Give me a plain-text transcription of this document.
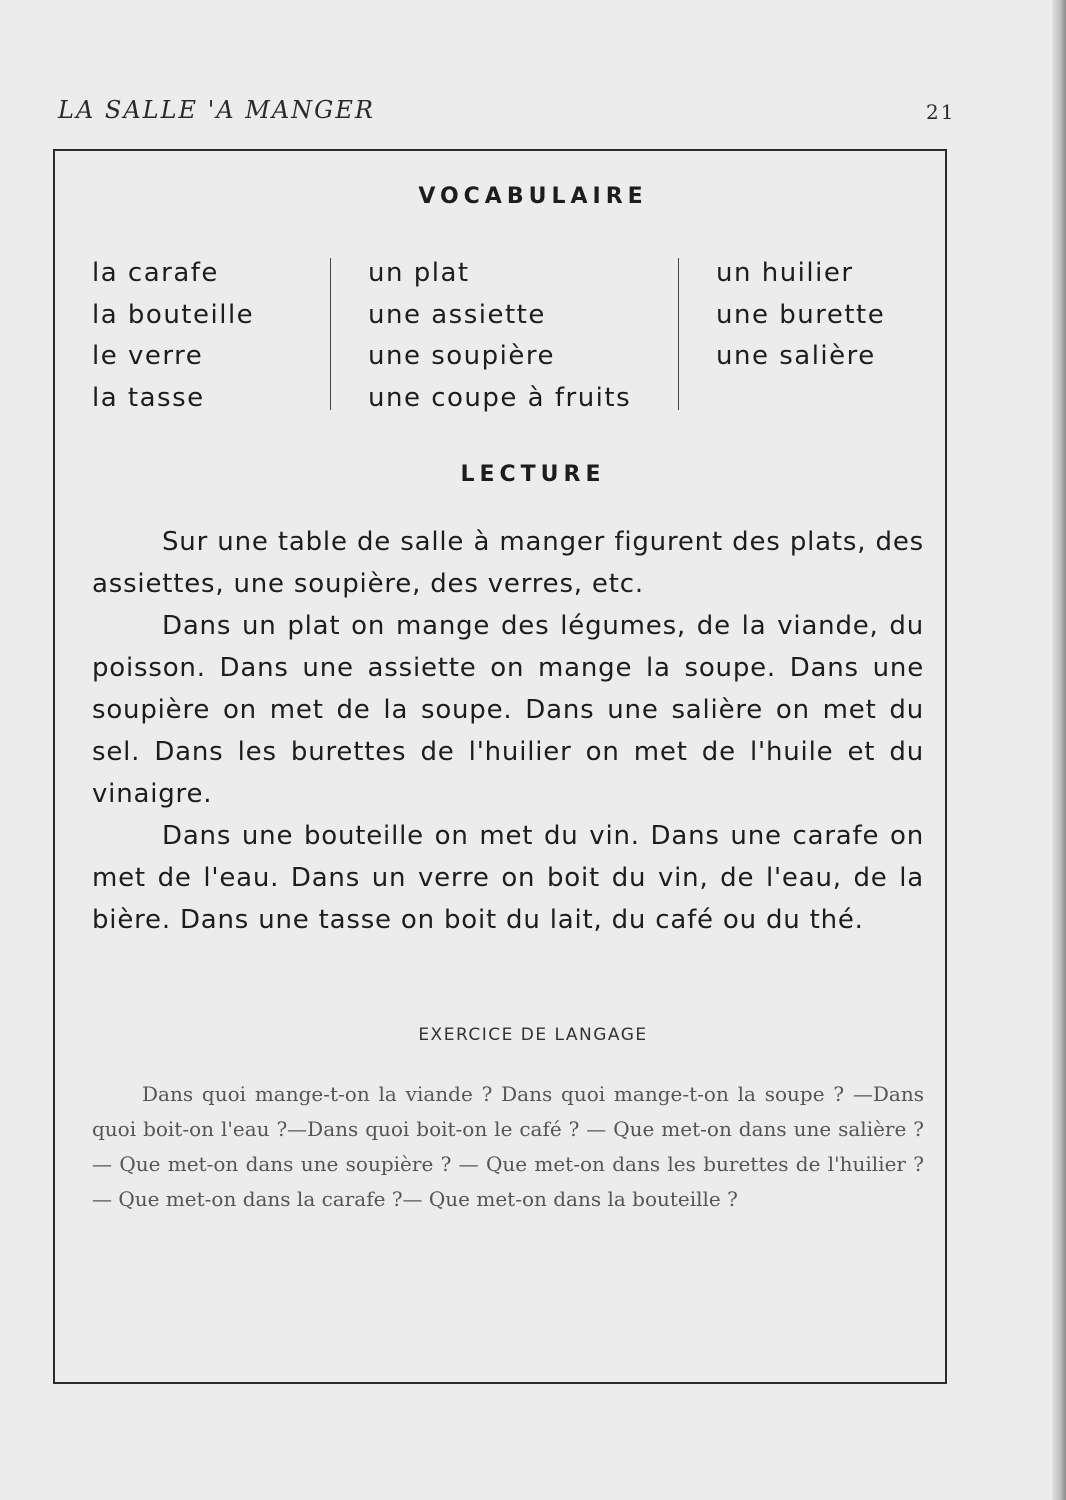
LA SALLE 'A MANGER	21
VOCABULAIRE
la carafe
la bouteille
le verre
la tasse
un plat
une assiette
une soupière
une coupe à fruits
un huilier
une burette
une salière
LECTURE

Sur une table de salle à manger figurent des plats, des assiettes, une soupière, des verres, etc.

Dans un plat on mange des légumes, de la viande, du poisson. Dans une assiette on mange la soupe. Dans une soupière on met de la soupe. Dans une salière on met du sel. Dans les burettes de l'huilier on met de l'huile et du vinaigre.

Dans une bouteille on met du vin. Dans une carafe on met de l'eau. Dans un verre on boit du vin, de l'eau, de la bière. Dans une tasse on boit du lait, du café ou du thé.

EXERCICE DE LANGAGE

Dans quoi mange-t-on la viande ? Dans quoi mange-t-on la soupe ? —Dans quoi boit-on l'eau ?—Dans quoi boit-on le café ? — Que met-on dans une salière ? — Que met-on dans une soupière ? — Que met-on dans les burettes de l'huilier ? — Que met-on dans la carafe ?— Que met-on dans la bouteille ?
